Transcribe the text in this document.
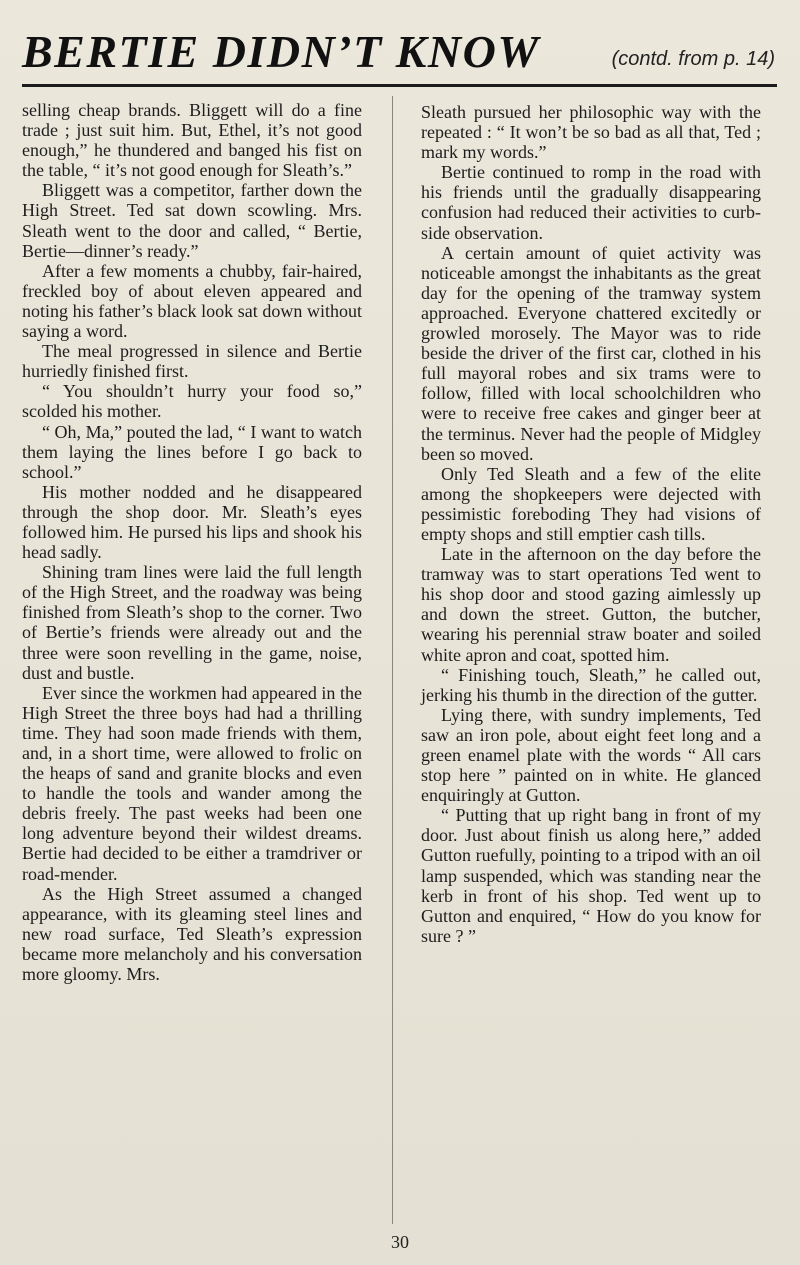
BERTIE DIDN’T KNOW	(contd. from p. 14)

selling cheap brands. Bliggett will do a fine trade ; just suit him. But, Ethel, it’s not good enough,” he thundered and banged his fist on the table, “ it’s not good enough for Sleath’s.”

Bliggett was a competitor, farther down the High Street. Ted sat down scowling. Mrs. Sleath went to the door and called, “ Bertie, Bertie—dinner’s ready.”

After a few moments a chubby, fair-haired, freckled boy of about eleven appeared and noting his father’s black look sat down without saying a word.

The meal progressed in silence and Bertie hurriedly finished first.

“ You shouldn’t hurry your food so,” scolded his mother.

“ Oh, Ma,” pouted the lad, “ I want to watch them laying the lines before I go back to school.”

His mother nodded and he disappeared through the shop door. Mr. Sleath’s eyes followed him. He pursed his lips and shook his head sadly.

Shining tram lines were laid the full length of the High Street, and the roadway was being finished from Sleath’s shop to the corner. Two of Bertie’s friends were already out and the three were soon revelling in the game, noise, dust and bustle.

Ever since the workmen had appeared in the High Street the three boys had had a thrilling time. They had soon made friends with them, and, in a short time, were allowed to frolic on the heaps of sand and granite blocks and even to handle the tools and wander among the debris freely. The past weeks had been one long adventure beyond their wildest dreams. Bertie had decided to be either a tramdriver or road-mender.

As the High Street assumed a changed appearance, with its gleaming steel lines and new road surface, Ted Sleath’s expression became more melancholy and his conversation more gloomy. Mrs.

Sleath pursued her philosophic way with the repeated : “ It won’t be so bad as all that, Ted ; mark my words.”

Bertie continued to romp in the road with his friends until the gradually disappearing confusion had reduced their activities to curb-side observation.

A certain amount of quiet activity was noticeable amongst the inhabitants as the great day for the opening of the tramway system approached. Everyone chattered excitedly or growled morosely. The Mayor was to ride beside the driver of the first car, clothed in his full mayoral robes and six trams were to follow, filled with local schoolchildren who were to receive free cakes and ginger beer at the terminus. Never had the people of Midgley been so moved.

Only Ted Sleath and a few of the elite among the shopkeepers were dejected with pessimistic foreboding They had visions of empty shops and still emptier cash tills.

Late in the afternoon on the day before the tramway was to start operations Ted went to his shop door and stood gazing aimlessly up and down the street. Gutton, the butcher, wearing his perennial straw boater and soiled white apron and coat, spotted him.

“ Finishing touch, Sleath,” he called out, jerking his thumb in the direction of the gutter.

Lying there, with sundry implements, Ted saw an iron pole, about eight feet long and a green enamel plate with the words “ All cars stop here ” painted on in white. He glanced enquiringly at Gutton.

“ Putting that up right bang in front of my door. Just about finish us along here,” added Gutton ruefully, pointing to a tripod with an oil lamp suspended, which was standing near the kerb in front of his shop. Ted went up to Gutton and enquired, “ How do you know for sure ? ”

30
